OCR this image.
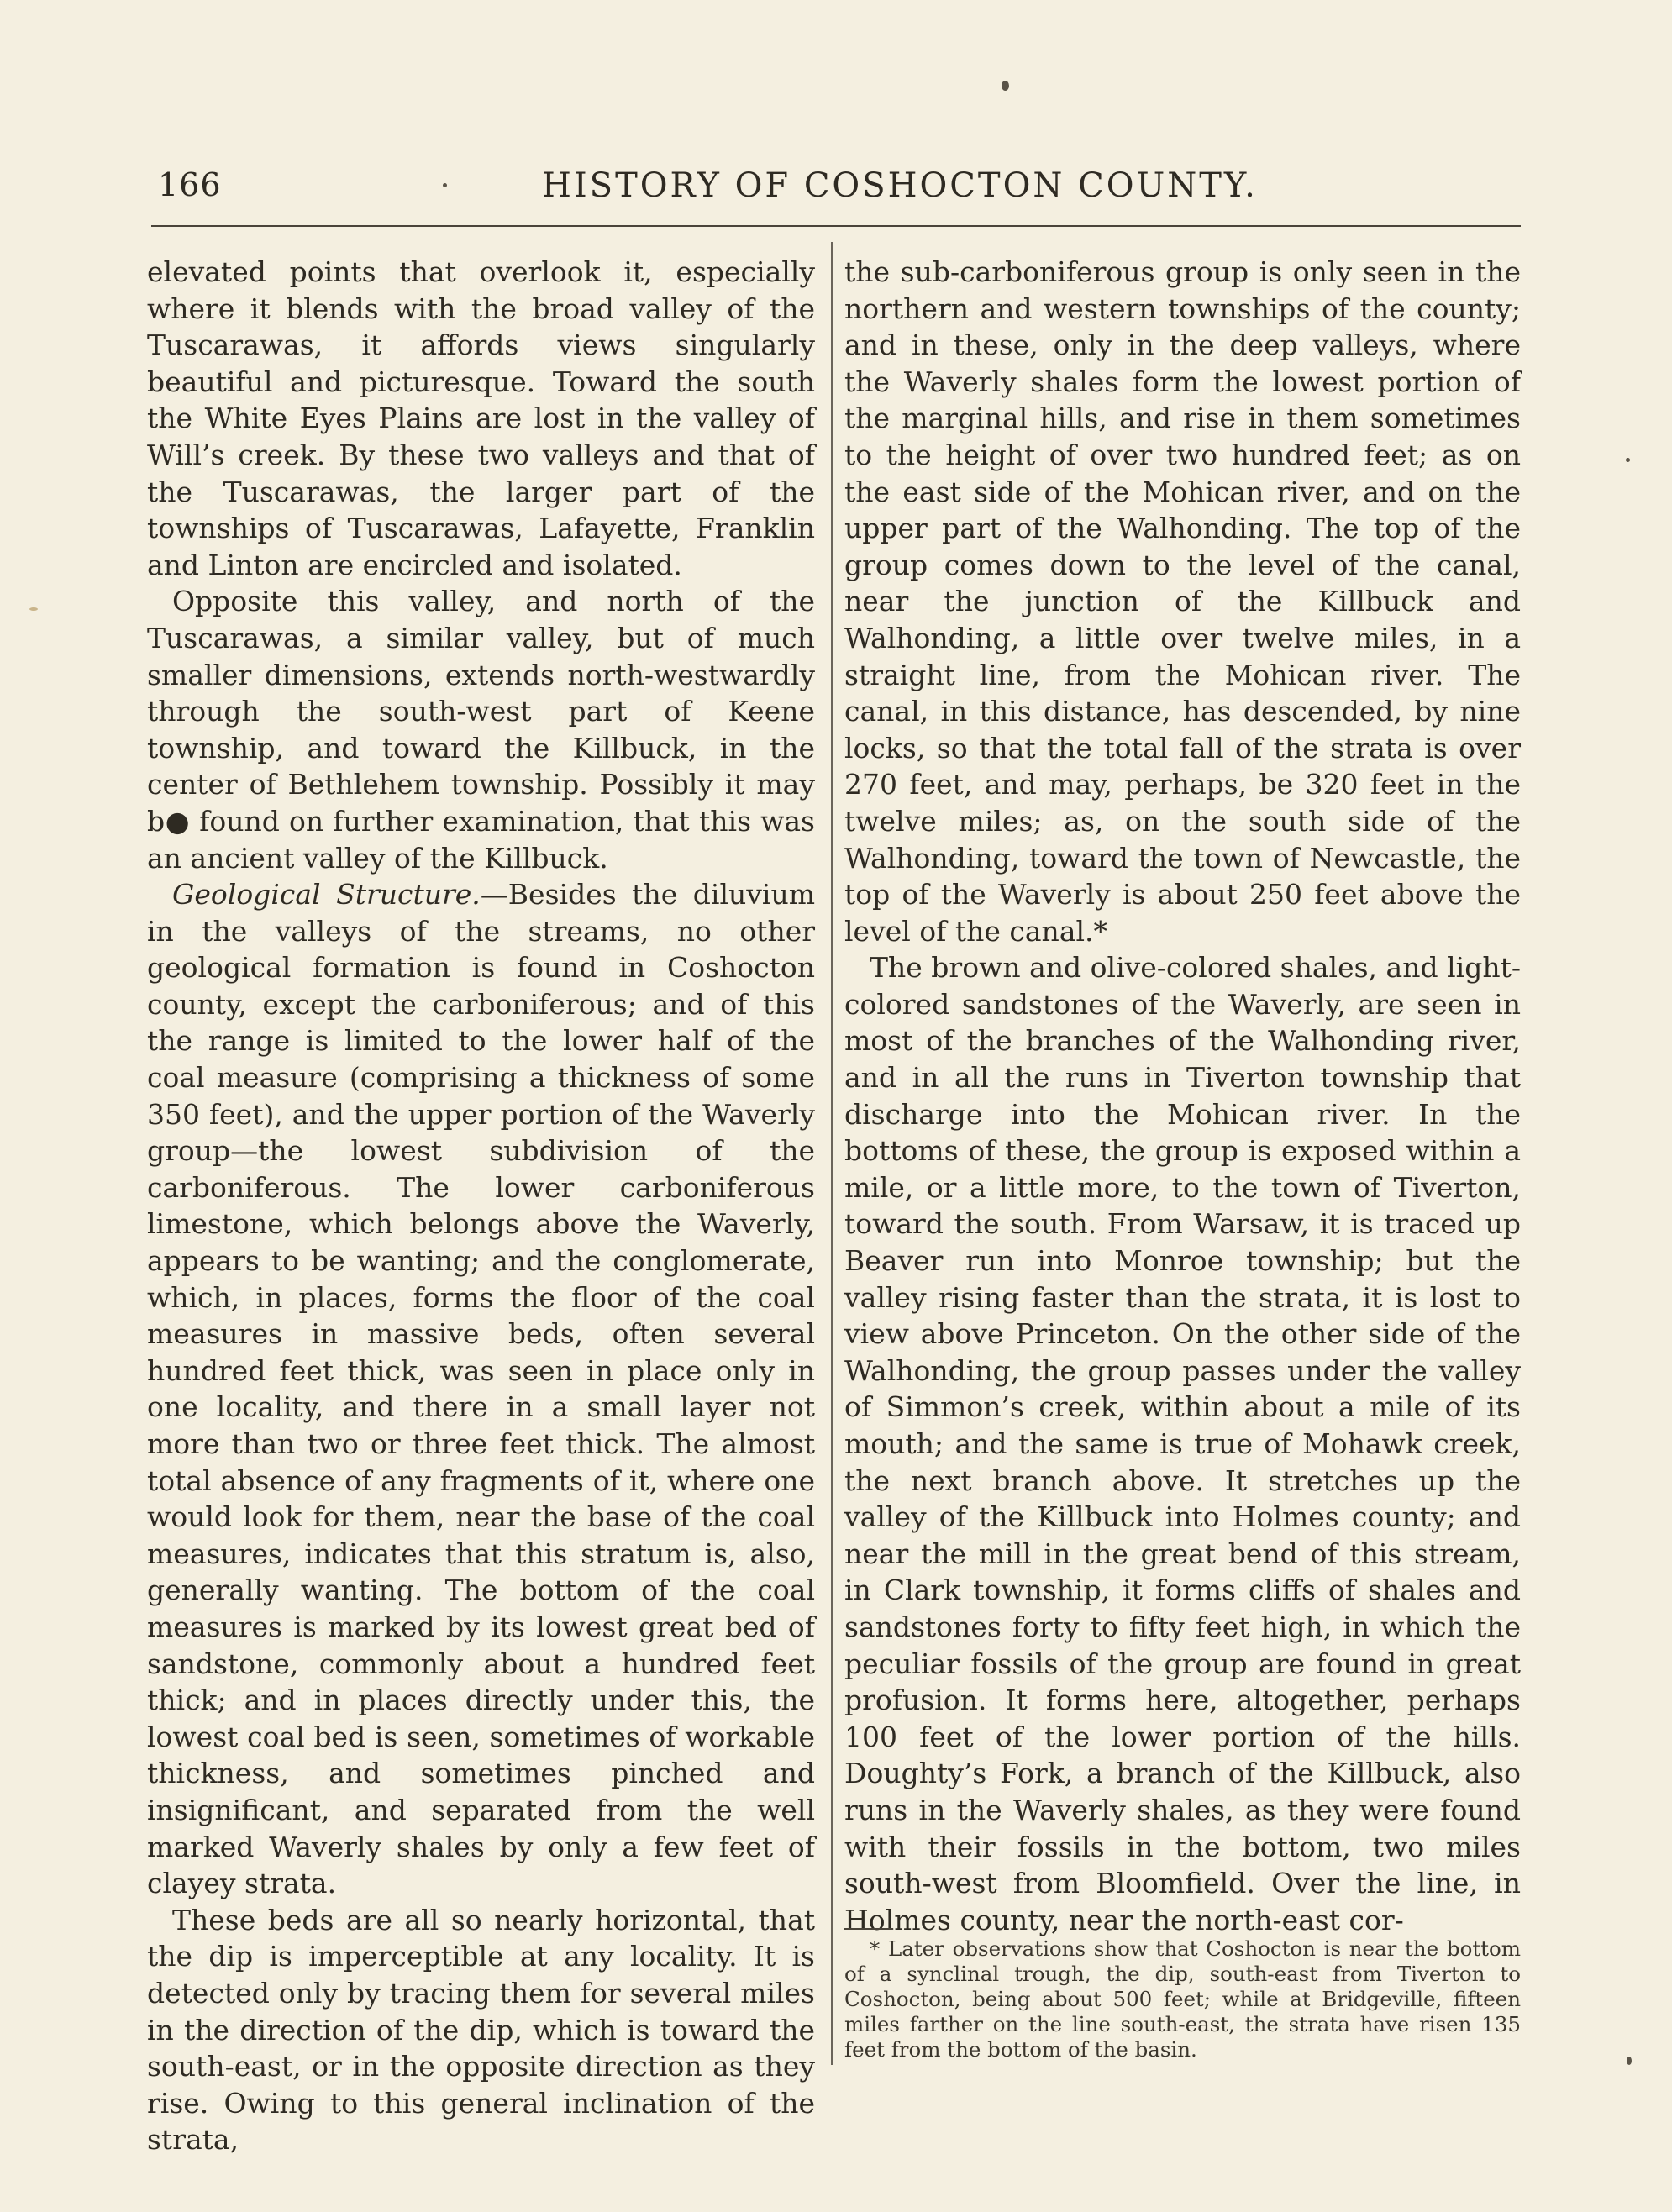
166	HISTORY OF COSHOCTON COUNTY.

elevated points that overlook it, especially where it blends with the broad valley of the Tuscarawas, it affords views singularly beautiful and picturesque. Toward the south the White Eyes Plains are lost in the valley of Will’s creek. By these two valleys and that of the Tuscarawas, the larger part of the townships of Tuscarawas, Lafayette, Franklin and Linton are encircled and isolated.

Opposite this valley, and north of the Tuscarawas, a similar valley, but of much smaller dimensions, extends north-westwardly through the south-west part of Keene township, and toward the Killbuck, in the center of Bethlehem township. Possibly it may b● found on further examination, that this was an ancient valley of the Killbuck.

Geological Structure.—Besides the diluvium in the valleys of the streams, no other geological formation is found in Coshocton county, except the carboniferous; and of this the range is limited to the lower half of the coal measure (comprising a thickness of some 350 feet), and the upper portion of the Waverly group—the lowest subdivision of the carboniferous. The lower carboniferous limestone, which belongs above the Waverly, appears to be wanting; and the conglomerate, which, in places, forms the floor of the coal measures in massive beds, often several hundred feet thick, was seen in place only in one locality, and there in a small layer not more than two or three feet thick. The almost total absence of any fragments of it, where one would look for them, near the base of the coal measures, indicates that this stratum is, also, generally wanting. The bottom of the coal measures is marked by its lowest great bed of sandstone, commonly about a hundred feet thick; and in places directly under this, the lowest coal bed is seen, sometimes of workable thickness, and sometimes pinched and insignificant, and separated from the well marked Waverly shales by only a few feet of clayey strata.

These beds are all so nearly horizontal, that the dip is imperceptible at any locality. It is detected only by tracing them for several miles in the direction of the dip, which is toward the south-east, or in the opposite direction as they rise. Owing to this general inclination of the strata,

the sub-carboniferous group is only seen in the northern and western townships of the county; and in these, only in the deep valleys, where the Waverly shales form the lowest portion of the marginal hills, and rise in them sometimes to the height of over two hundred feet; as on the east side of the Mohican river, and on the upper part of the Walhonding. The top of the group comes down to the level of the canal, near the junction of the Killbuck and Walhonding, a little over twelve miles, in a straight line, from the Mohican river. The canal, in this distance, has descended, by nine locks, so that the total fall of the strata is over 270 feet, and may, perhaps, be 320 feet in the twelve miles; as, on the south side of the Walhonding, toward the town of Newcastle, the top of the Waverly is about 250 feet above the level of the canal.*

The brown and olive-colored shales, and light-colored sandstones of the Waverly, are seen in most of the branches of the Walhonding river, and in all the runs in Tiverton township that discharge into the Mohican river. In the bottoms of these, the group is exposed within a mile, or a little more, to the town of Tiverton, toward the south. From Warsaw, it is traced up Beaver run into Monroe township; but the valley rising faster than the strata, it is lost to view above Princeton. On the other side of the Walhonding, the group passes under the valley of Simmon’s creek, within about a mile of its mouth; and the same is true of Mohawk creek, the next branch above. It stretches up the valley of the Killbuck into Holmes county; and near the mill in the great bend of this stream, in Clark township, it forms cliffs of shales and sandstones forty to fifty feet high, in which the peculiar fossils of the group are found in great profusion. It forms here, altogether, perhaps 100 feet of the lower portion of the hills. Doughty’s Fork, a branch of the Killbuck, also runs in the Waverly shales, as they were found with their fossils in the bottom, two miles south-west from Bloomfield. Over the line, in Holmes county, near the north-east cor-

* Later observations show that Coshocton is near the bottom of a synclinal trough, the dip, south-east from Tiverton to Coshocton, being about 500 feet; while at Bridgeville, fifteen miles farther on the line south-east, the strata have risen 135 feet from the bottom of the basin.
